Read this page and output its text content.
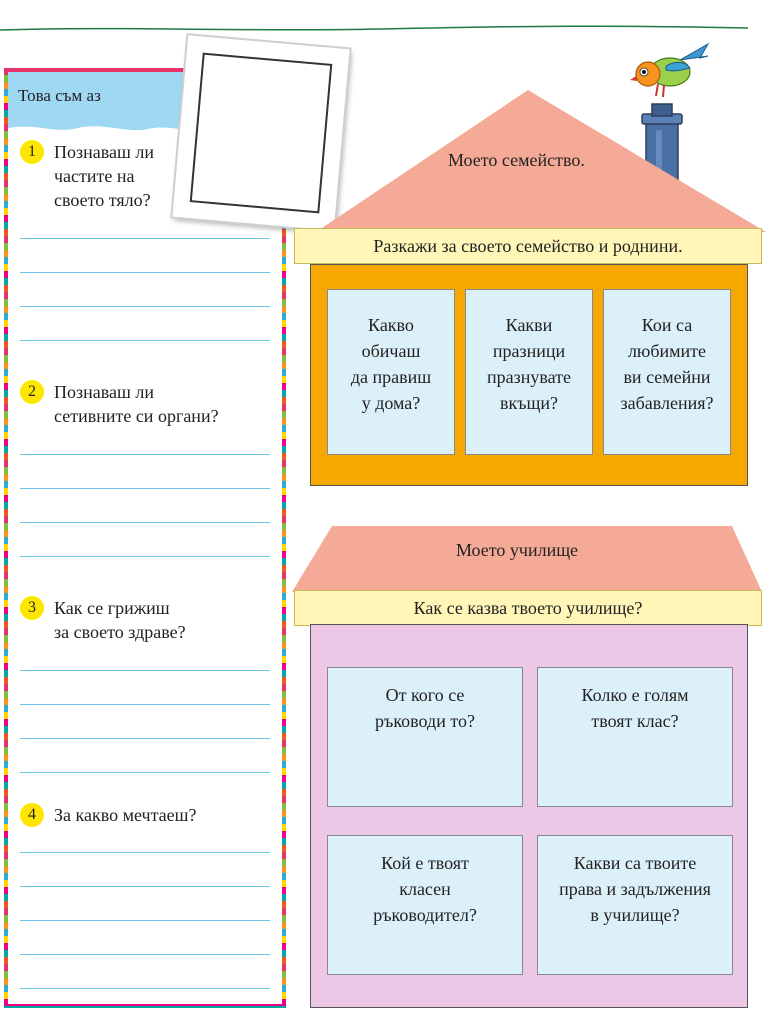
Това съм аз
1	Познаваш ли
частите на
своето тяло?
2	Познаваш ли
сетивните си органи?
3	Как се грижиш
за своето здраве?
4	За какво мечтаеш?
Моето семейство.
Разкажи за своето семейство и роднини.
Какво
обичаш
да правиш
у дома?
Какви
празници
празнувате
вкъщи?
Кои са
любимите
ви семейни
забавления?
Моето училище
Как се казва твоето училище?
От кого се
ръководи то?
Колко е голям
твоят клас?
Кой е твоят
класен
ръководител?
Какви са твоите
права и задължения
в училище?
